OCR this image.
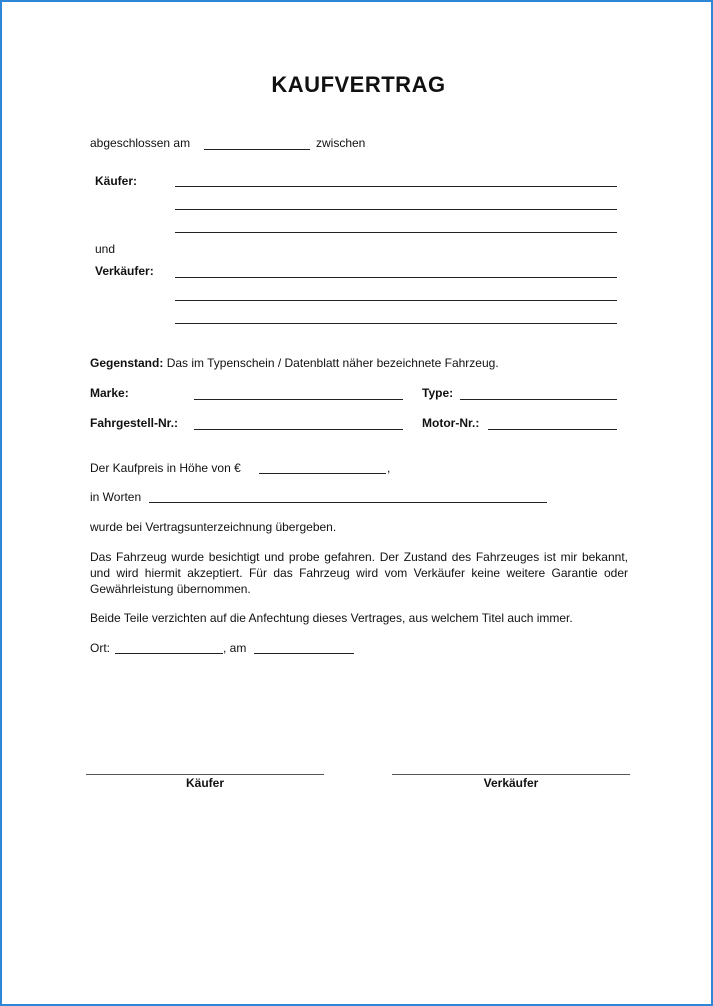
KAUFVERTRAG
abgeschlossen am	zwischen
Käufer:
und
Verkäufer:
Gegenstand: Das im Typenschein / Datenblatt näher bezeichnete Fahrzeug.
Marke:	Type:
Fahrgestell-Nr.:	Motor-Nr.:
Der Kaufpreis in Höhe von €	,
in Worten
wurde bei Vertragsunterzeichnung übergeben.
Das Fahrzeug wurde besichtigt und probe gefahren. Der Zustand des Fahrzeuges ist mir bekannt, und wird hiermit akzeptiert. Für das Fahrzeug wird vom Verkäufer keine weitere Garantie oder Gewährleistung übernommen.
Beide Teile verzichten auf die Anfechtung dieses Vertrages, aus welchem Titel auch immer.
Ort:	, am
Käufer	Verkäufer
